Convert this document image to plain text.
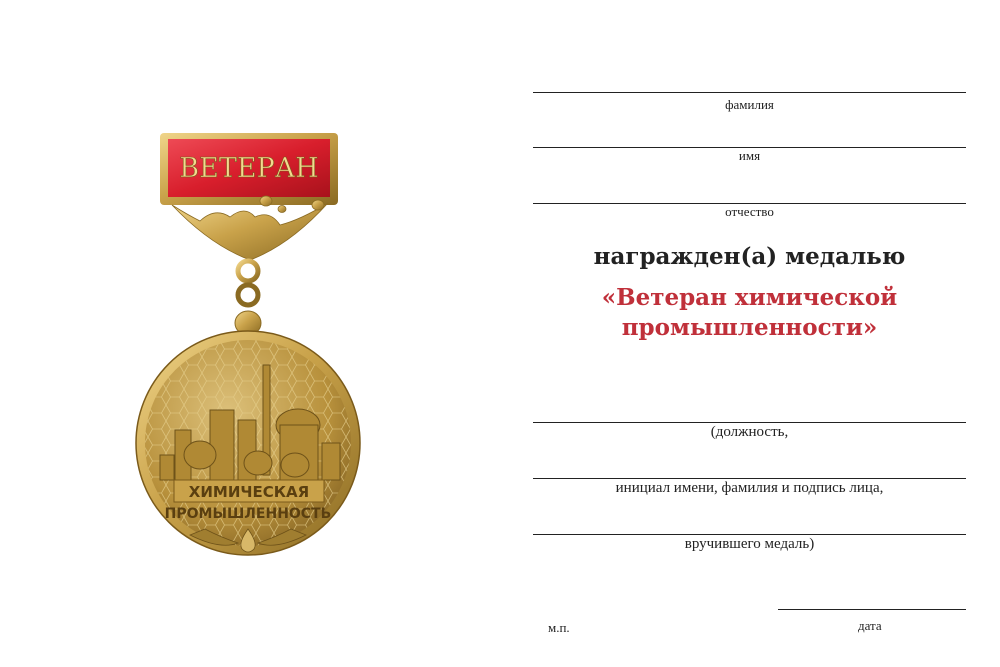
ВЕТЕРАН
ХИМИЧЕСКАЯ
ПРОМЫШЛЕННОСТЬ
фамилия
имя
отчество
награжден(а) медалью
«Ветеран химической
промышленности»
(должность,
инициал имени, фамилия и подпись лица,
вручившего медаль)
м.п.	дата
